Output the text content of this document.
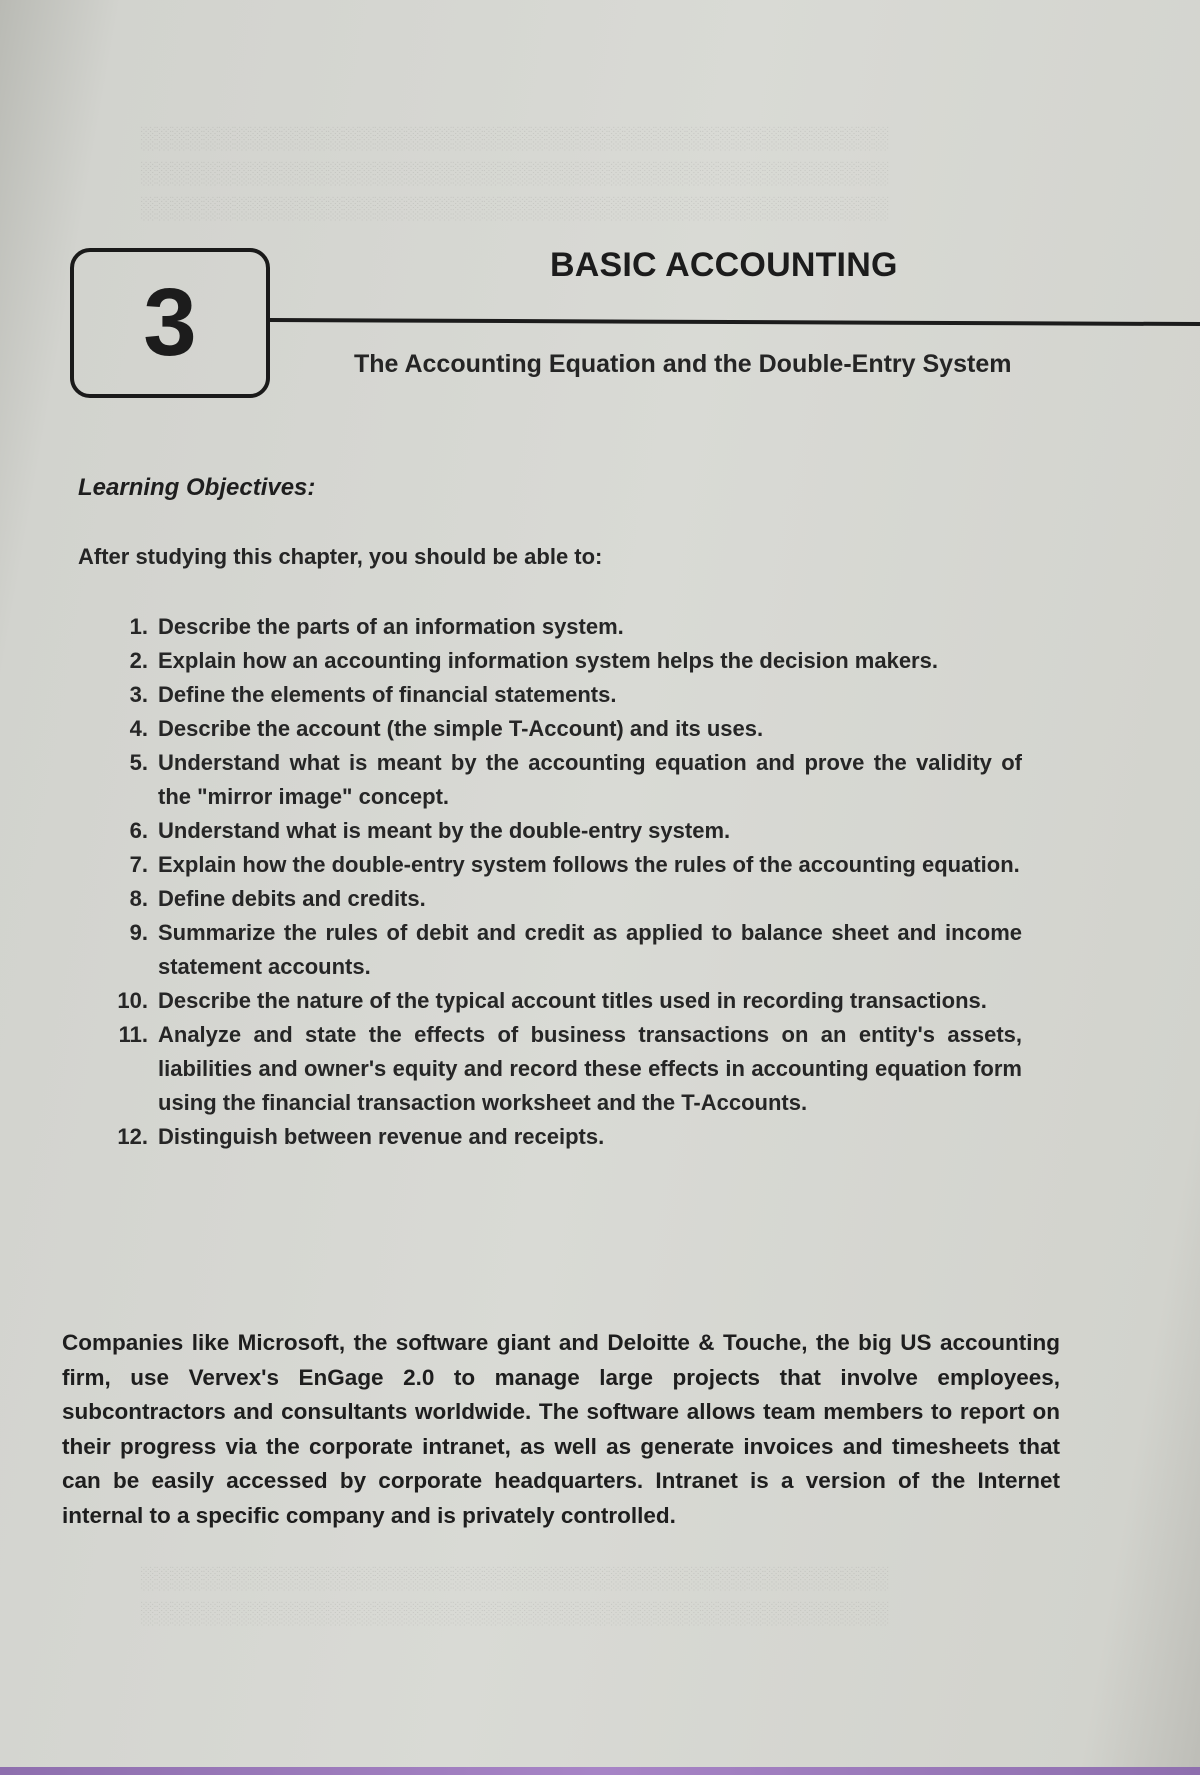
░░░░░░░░░░░░░░░░░░░░░░░░░░░░░░░░░░░░░░░░░░░░░░░░
░░░░░░░░░░░░░░░░░░░░░░░░░░░░░░░░░░░░░░░░░░░░░░░░
░░░░░░░░░░░░░░░░░░░░░░░░░░░░░░░░░░░░░░░░░░░░░░░░
░░░░░░░░░░░░░░░░░░░░░░░░░░░░░░░░░░░░░░░░░░░░░░░░
░░░░░░░░░░░░░░░░░░░░░░░░░░░░░░░░░░░░░░░░░░░░░░░░
3
BASIC ACCOUNTING
The Accounting Equation and the Double-Entry System
Learning Objectives:
After studying this chapter, you should be able to:
1. Describe the parts of an information system.
2. Explain how an accounting information system helps the decision makers.
3. Define the elements of financial statements.
4. Describe the account (the simple T-Account) and its uses.
5. Understand what is meant by the accounting equation and prove the validity of the "mirror image" concept.
6. Understand what is meant by the double-entry system.
7. Explain how the double-entry system follows the rules of the accounting equation.
8. Define debits and credits.
9. Summarize the rules of debit and credit as applied to balance sheet and income statement accounts.
10. Describe the nature of the typical account titles used in recording transactions.
11. Analyze and state the effects of business transactions on an entity's assets, liabilities and owner's equity and record these effects in accounting equation form using the financial transaction worksheet and the T-Accounts.
12. Distinguish between revenue and receipts.
Companies like Microsoft, the software giant and Deloitte & Touche, the big US accounting firm, use Vervex's EnGage 2.0 to manage large projects that involve employees, subcontractors and consultants worldwide. The software allows team members to report on their progress via the corporate intranet, as well as generate invoices and timesheets that can be easily accessed by corporate headquarters. Intranet is a version of the Internet internal to a specific company and is privately controlled.
